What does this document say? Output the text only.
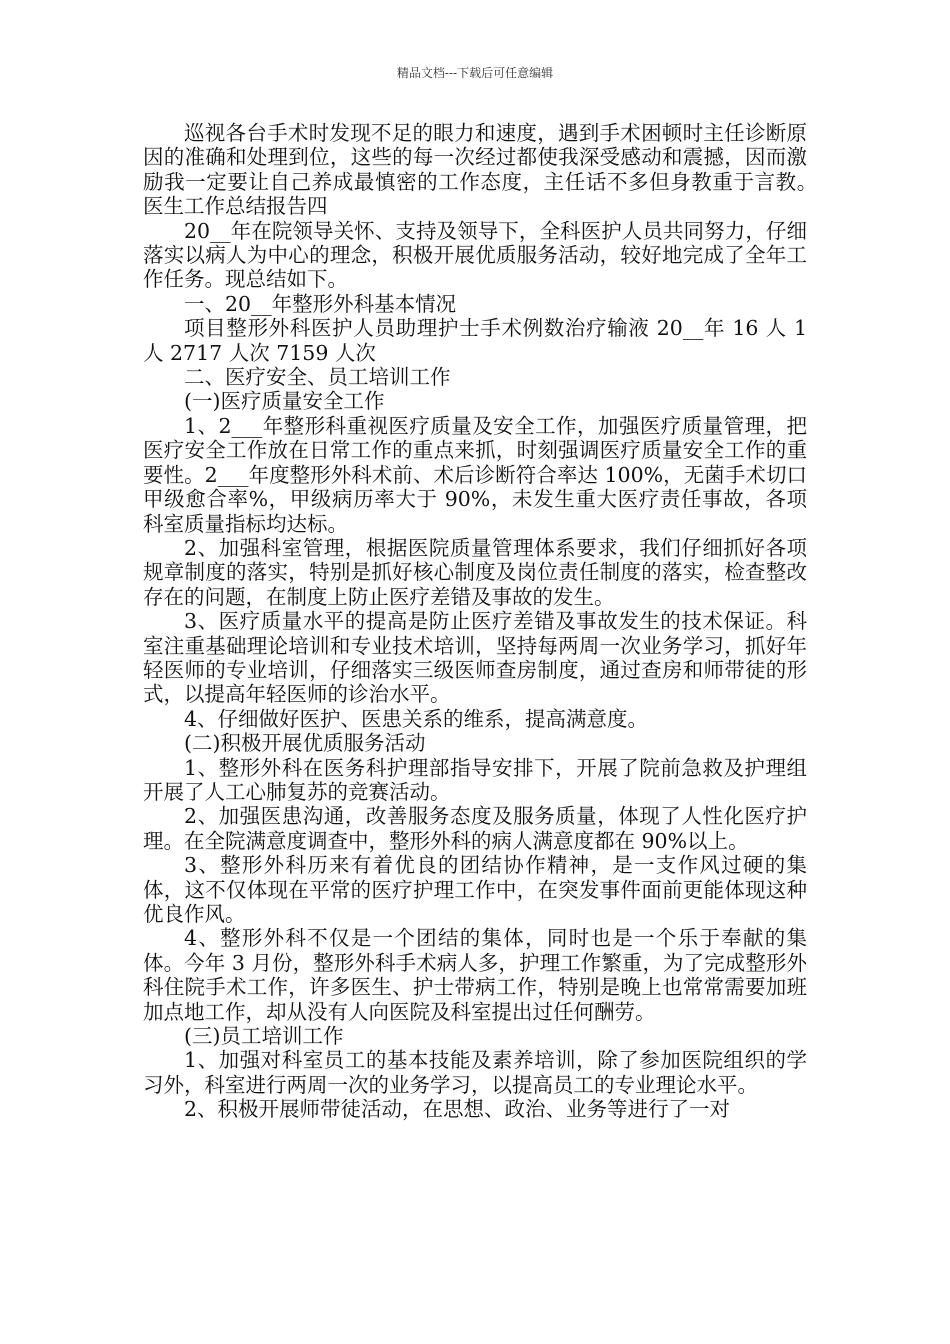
精品文档---下载后可任意编辑

巡视各台手术时发现不足的眼力和速度，遇到手术困顿时主任诊断原因的准确和处理到位，这些的每一次经过都使我深受感动和震撼，因而激励我一定要让自己养成最慎密的工作态度，主任话不多但身教重于言教。　　医生工作总结报告四

20__年在院领导关怀、支持及领导下，全科医护人员共同努力，仔细落实以病人为中心的理念，积极开展优质服务活动，较好地完成了全年工作任务。现总结如下。

一、20__年整形外科基本情况

项目整形外科医护人员助理护士手术例数治疗输液 20__年 16 人 1 人 2717 人次 7159 人次

二、医疗安全、员工培训工作

(一)医疗质量安全工作

1、2___年整形科重视医疗质量及安全工作，加强医疗质量管理，把医疗安全工作放在日常工作的重点来抓，时刻强调医疗质量安全工作的重要性。2___年度整形外科术前、术后诊断符合率达 100%，无菌手术切口甲级愈合率%，甲级病历率大于 90%，未发生重大医疗责任事故，各项科室质量指标均达标。

2、加强科室管理，根据医院质量管理体系要求，我们仔细抓好各项规章制度的落实，特别是抓好核心制度及岗位责任制度的落实，检查整改存在的问题，在制度上防止医疗差错及事故的发生。

3、医疗质量水平的提高是防止医疗差错及事故发生的技术保证。科室注重基础理论培训和专业技术培训，坚持每两周一次业务学习，抓好年轻医师的专业培训，仔细落实三级医师查房制度，通过查房和师带徒的形式，以提高年轻医师的诊治水平。

4、仔细做好医护、医患关系的维系，提高满意度。

(二)积极开展优质服务活动

1、整形外科在医务科护理部指导安排下，开展了院前急救及护理组开展了人工心肺复苏的竞赛活动。

2、加强医患沟通，改善服务态度及服务质量，体现了人性化医疗护理。在全院满意度调查中，整形外科的病人满意度都在 90%以上。

3、整形外科历来有着优良的团结协作精神，是一支作风过硬的集体，这不仅体现在平常的医疗护理工作中，在突发事件面前更能体现这种优良作风。

4、整形外科不仅是一个团结的集体，同时也是一个乐于奉献的集体。今年 3 月份，整形外科手术病人多，护理工作繁重，为了完成整形外科住院手术工作，许多医生、护士带病工作，特别是晚上也常常需要加班加点地工作，却从没有人向医院及科室提出过任何酬劳。

(三)员工培训工作

1、加强对科室员工的基本技能及素养培训，除了参加医院组织的学习外，科室进行两周一次的业务学习，以提高员工的专业理论水平。

2、积极开展师带徒活动，在思想、政治、业务等进行了一对
